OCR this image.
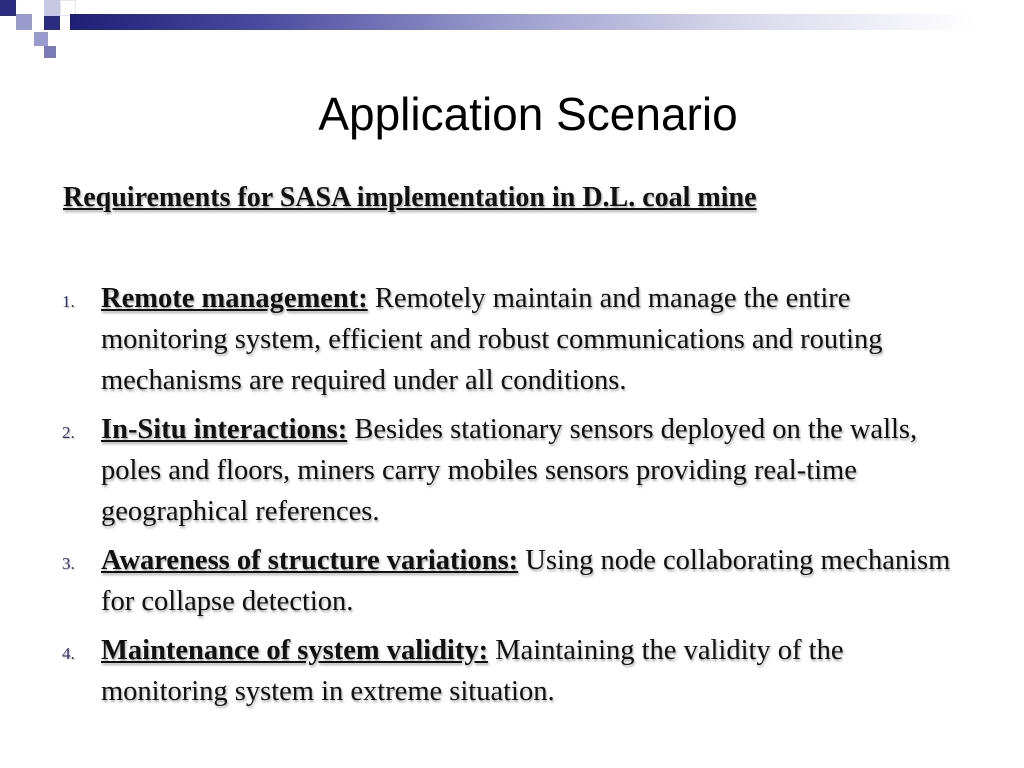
Application Scenario

Requirements for SASA implementation in D.L. coal mine

1. Remote management: Remotely maintain and manage the entire monitoring system, efficient and robust communications and routing mechanisms are required under all conditions.
2. In-Situ interactions: Besides stationary sensors deployed on the walls, poles and floors, miners carry mobiles sensors providing real-time geographical references.
3. Awareness of structure variations: Using node collaborating mechanism for collapse detection.
4. Maintenance of system validity: Maintaining the validity of the monitoring system in extreme situation.
